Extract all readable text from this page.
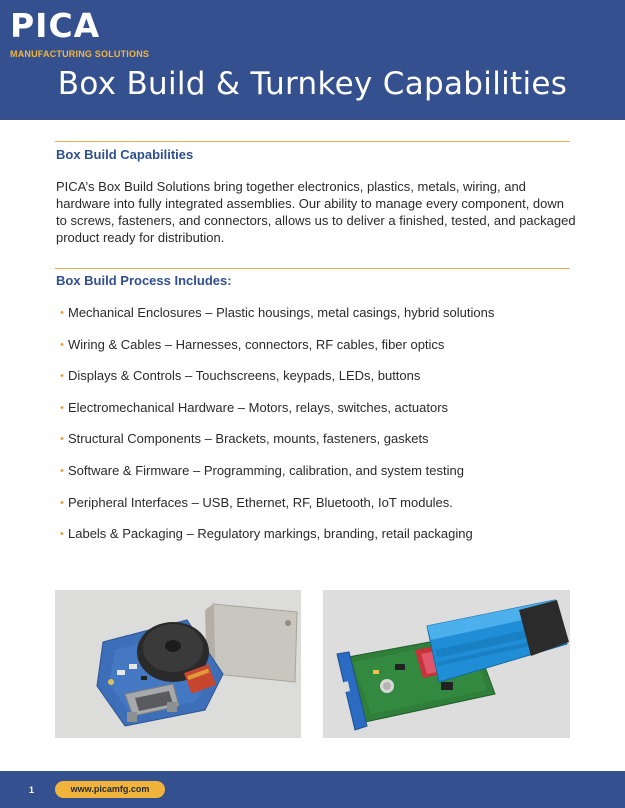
PICA
MANUFACTURING SOLUTIONS
Box Build & Turnkey Capabilities
Box Build Capabilities

PICA’s Box Build Solutions bring together electronics, plastics, metals, wiring, and hardware into fully integrated assemblies. Our ability to manage every component, down to screws, fasteners, and connectors, allows us to deliver a finished, tested, and packaged product ready for distribution.

Box Build Process Includes:
• Mechanical Enclosures – Plastic housings, metal casings, hybrid solutions
• Wiring & Cables – Harnesses, connectors, RF cables, fiber optics
• Displays & Controls – Touchscreens, keypads, LEDs, buttons
• Electromechanical Hardware – Motors, relays, switches, actuators
• Structural Components – Brackets, mounts, fasteners, gaskets
• Software & Firmware – Programming, calibration, and system testing
• Peripheral Interfaces – USB, Ethernet, RF, Bluetooth, IoT modules.
• Labels & Packaging – Regulatory markings, branding, retail packaging
1	www.picamfg.com
